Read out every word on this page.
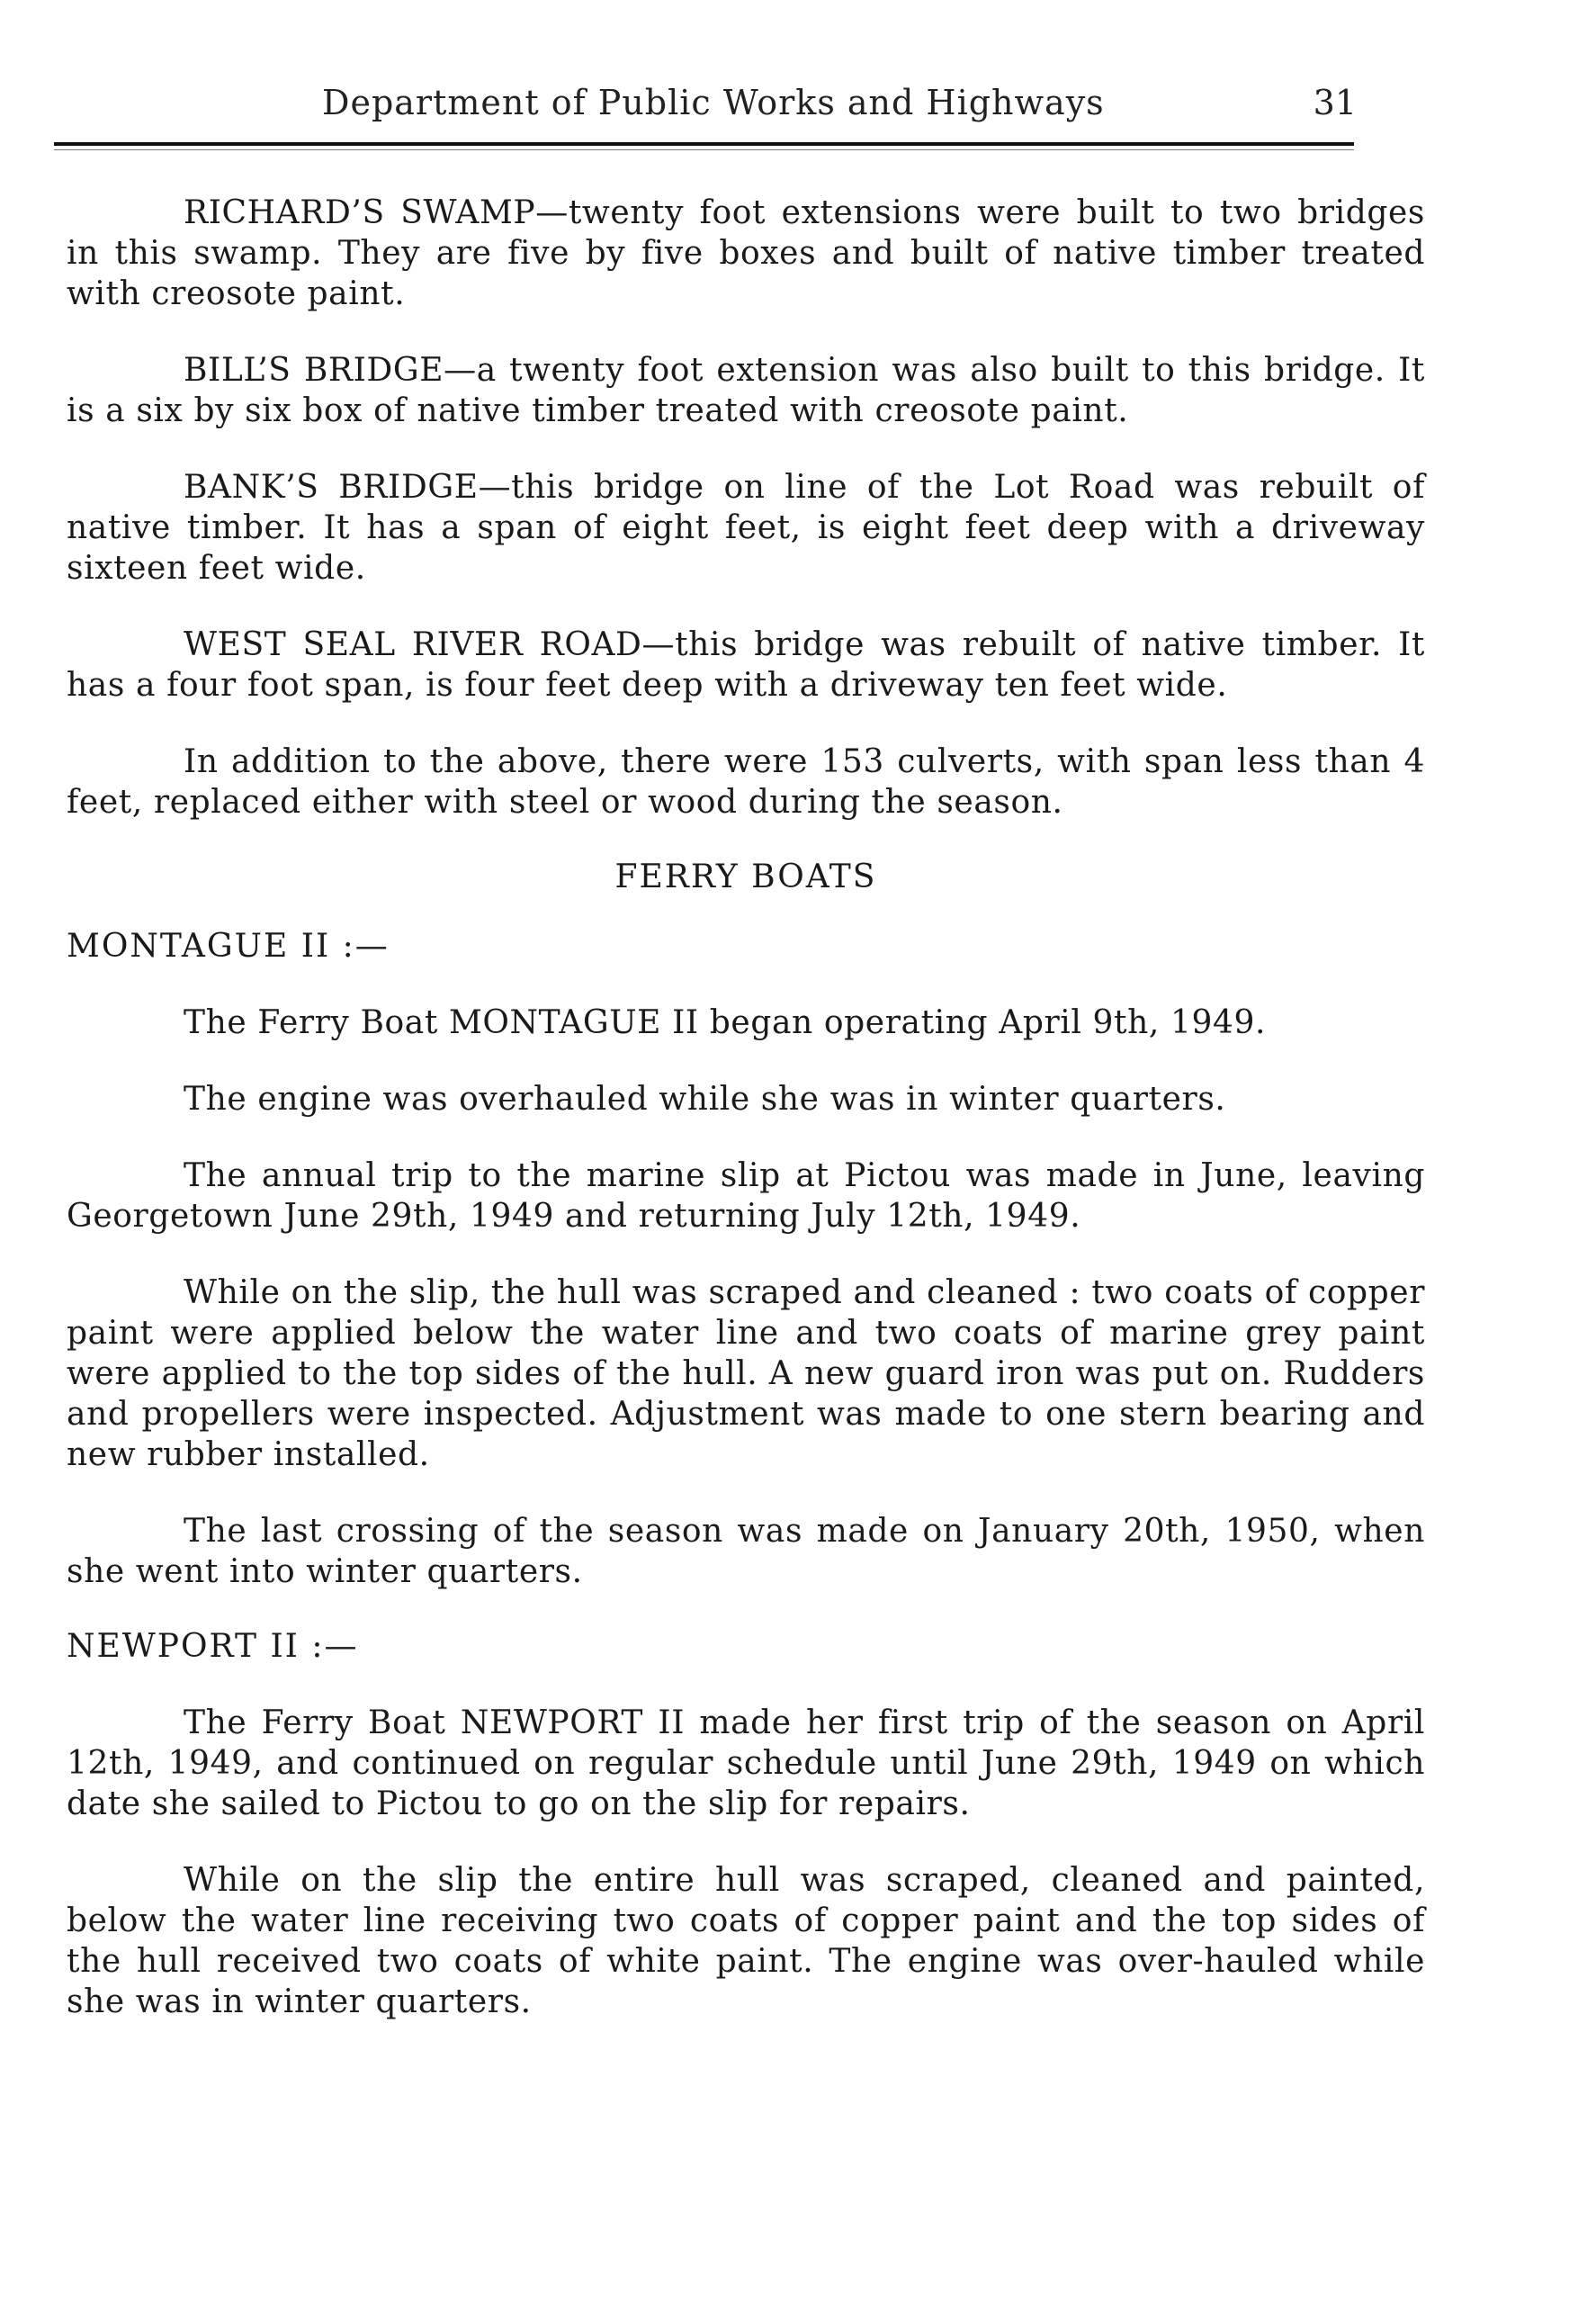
Department of Public Works and Highways	31

RICHARD’S SWAMP—twenty foot extensions were built to two bridges in this swamp. They are five by five boxes and built of native timber treated with creosote paint.

BILL’S BRIDGE—a twenty foot extension was also built to this bridge. It is a six by six box of native timber treated with creosote paint.

BANK’S BRIDGE—this bridge on line of the Lot Road was rebuilt of native timber. It has a span of eight feet, is eight feet deep with a driveway sixteen feet wide.

WEST SEAL RIVER ROAD—this bridge was rebuilt of native timber. It has a four foot span, is four feet deep with a driveway ten feet wide.

In addition to the above, there were 153 culverts, with span less than 4 feet, replaced either with steel or wood during the season.

FERRY BOATS
MONTAGUE II :—

The Ferry Boat MONTAGUE II began operating April 9th, 1949.

The engine was overhauled while she was in winter quarters.

The annual trip to the marine slip at Pictou was made in June, leaving Georgetown June 29th, 1949 and returning July 12th, 1949.

While on the slip, the hull was scraped and cleaned : two coats of copper paint were applied below the water line and two coats of marine grey paint were applied to the top sides of the hull. A new guard iron was put on. Rudders and propellers were inspected. Adjustment was made to one stern bearing and new rubber installed.

The last crossing of the season was made on January 20th, 1950, when she went into winter quarters.

NEWPORT II :—

The Ferry Boat NEWPORT II made her first trip of the season on April 12th, 1949, and continued on regular schedule until June 29th, 1949 on which date she sailed to Pictou to go on the slip for repairs.

While on the slip the entire hull was scraped, cleaned and painted, below the water line receiving two coats of copper paint and the top sides of the hull received two coats of white paint. The engine was over-hauled while she was in winter quarters.
